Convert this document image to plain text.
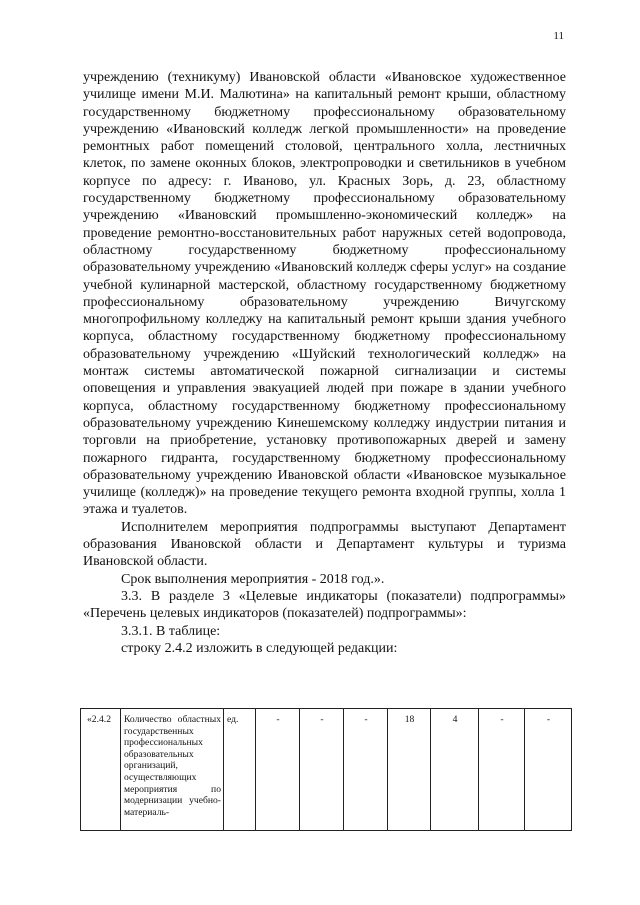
11

учреждению (техникуму) Ивановской области «Ивановское художественное училище имени М.И. Малютина» на капитальный ремонт крыши, областному государственному бюджетному профессиональному образовательному учреждению «Ивановский колледж легкой промышленности» на проведение ремонтных работ помещений столовой, центрального холла, лестничных клеток, по замене оконных блоков, электропроводки и светильников в учебном корпусе по адресу: г. Иваново, ул. Красных Зорь, д. 23, областному государственному бюджетному профессиональному образовательному учреждению «Ивановский промышленно-экономический колледж» на проведение ремонтно-восстановительных работ наружных сетей водопровода, областному государственному бюджетному профессиональному образовательному учреждению «Ивановский колледж сферы услуг» на создание учебной кулинарной мастерской, областному государственному бюджетному профессиональному образовательному учреждению Вичугскому многопрофильному колледжу на капитальный ремонт крыши здания учебного корпуса, областному государственному бюджетному профессиональному образовательному учреждению «Шуйский технологический колледж» на монтаж системы автоматической пожарной сигнализации и системы оповещения и управления эвакуацией людей при пожаре в здании учебного корпуса, областному государственному бюджетному профессиональному образовательному учреждению Кинешемскому колледжу индустрии питания и торговли на приобретение, установку противопожарных дверей и замену пожарного гидранта, государственному бюджетному профессиональному образовательному учреждению Ивановской области «Ивановское музыкальное училище (колледж)» на проведение текущего ремонта входной группы, холла 1 этажа и туалетов.

Исполнителем мероприятия подпрограммы выступают Департамент образования Ивановской области и Департамент культуры и туризма Ивановской области.

Срок выполнения мероприятия - 2018 год.».

3.3. В разделе 3 «Целевые индикаторы (показатели) подпрограммы» «Перечень целевых индикаторов (показателей) подпрограммы»:

3.3.1. В таблице:

строку 2.4.2 изложить в следующей редакции:

«2.4.2	Количество областных государственных профессиональных образовательных организаций, осуществляющих мероприятия по модернизации учебно-материаль-	ед.	-	-	-	18	4	-	-
